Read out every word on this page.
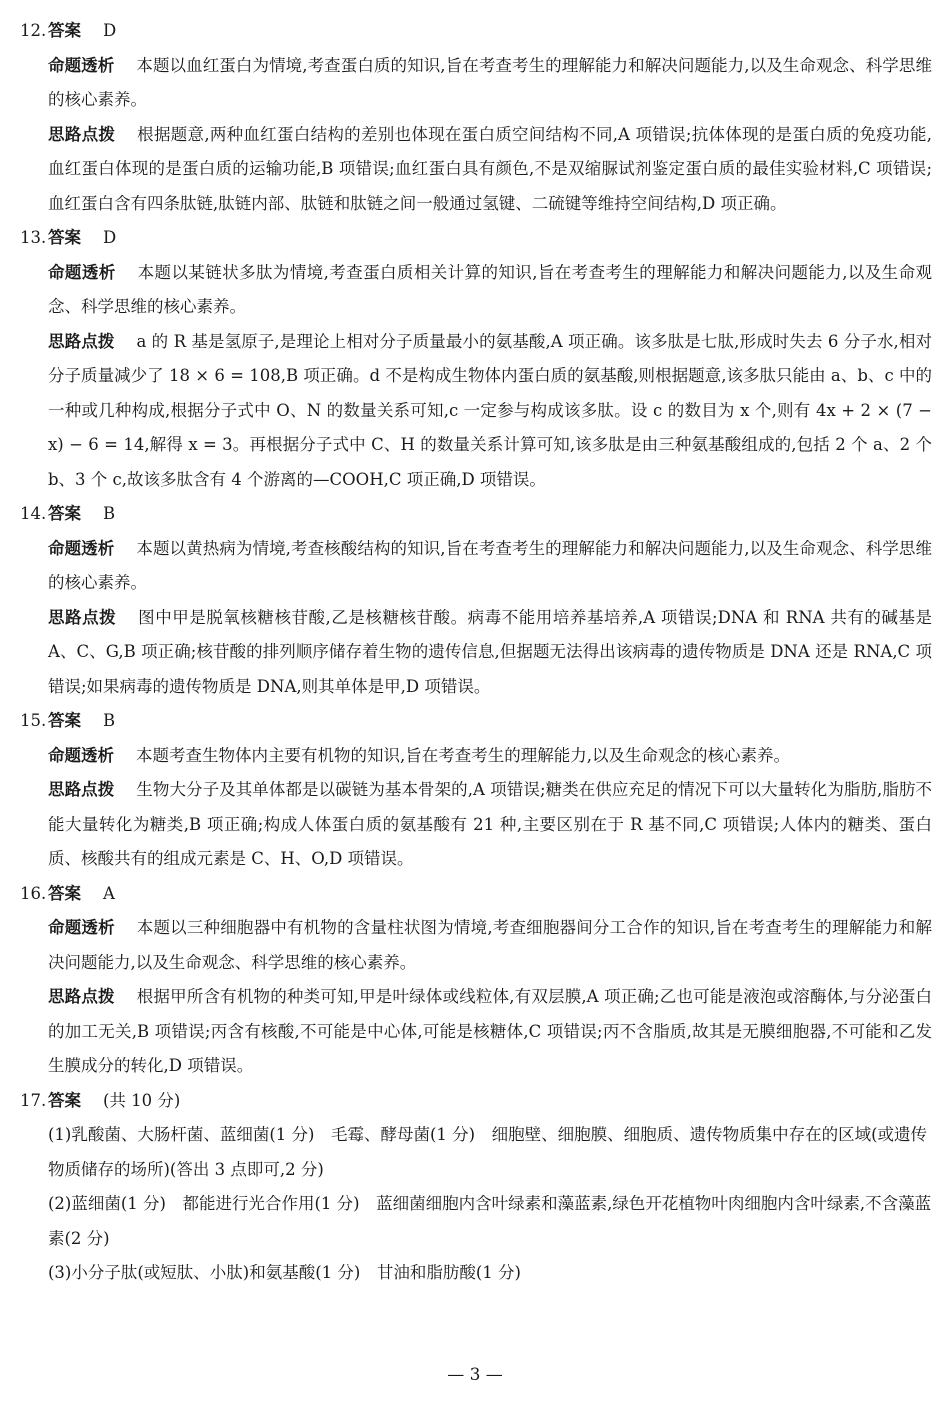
12. 答案 D

命题透析 本题以血红蛋白为情境,考查蛋白质的知识,旨在考查考生的理解能力和解决问题能力,以及生命观念、科学思维的核心素养。

思路点拨 根据题意,两种血红蛋白结构的差别也体现在蛋白质空间结构不同,A 项错误;抗体体现的是蛋白质的免疫功能,血红蛋白体现的是蛋白质的运输功能,B 项错误;血红蛋白具有颜色,不是双缩脲试剂鉴定蛋白质的最佳实验材料,C 项错误;血红蛋白含有四条肽链,肽链内部、肽链和肽链之间一般通过氢键、二硫键等维持空间结构,D 项正确。

13. 答案 D

命题透析 本题以某链状多肽为情境,考查蛋白质相关计算的知识,旨在考查考生的理解能力和解决问题能力,以及生命观念、科学思维的核心素养。

思路点拨 a 的 R 基是氢原子,是理论上相对分子质量最小的氨基酸,A 项正确。该多肽是七肽,形成时失去 6 分子水,相对分子质量减少了 18 × 6 = 108,B 项正确。d 不是构成生物体内蛋白质的氨基酸,则根据题意,该多肽只能由 a、b、c 中的一种或几种构成,根据分子式中 O、N 的数量关系可知,c 一定参与构成该多肽。设 c 的数目为 x 个,则有 4x + 2 × (7 − x) − 6 = 14,解得 x = 3。再根据分子式中 C、H 的数量关系计算可知,该多肽是由三种氨基酸组成的,包括 2 个 a、2 个 b、3 个 c,故该多肽含有 4 个游离的—COOH,C 项正确,D 项错误。

14. 答案 B

命题透析 本题以黄热病为情境,考查核酸结构的知识,旨在考查考生的理解能力和解决问题能力,以及生命观念、科学思维的核心素养。

思路点拨 图中甲是脱氧核糖核苷酸,乙是核糖核苷酸。病毒不能用培养基培养,A 项错误;DNA 和 RNA 共有的碱基是 A、C、G,B 项正确;核苷酸的排列顺序储存着生物的遗传信息,但据题无法得出该病毒的遗传物质是 DNA 还是 RNA,C 项错误;如果病毒的遗传物质是 DNA,则其单体是甲,D 项错误。

15. 答案 B

命题透析 本题考查生物体内主要有机物的知识,旨在考查考生的理解能力,以及生命观念的核心素养。

思路点拨 生物大分子及其单体都是以碳链为基本骨架的,A 项错误;糖类在供应充足的情况下可以大量转化为脂肪,脂肪不能大量转化为糖类,B 项正确;构成人体蛋白质的氨基酸有 21 种,主要区别在于 R 基不同,C 项错误;人体内的糖类、蛋白质、核酸共有的组成元素是 C、H、O,D 项错误。

16. 答案 A

命题透析 本题以三种细胞器中有机物的含量柱状图为情境,考查细胞器间分工合作的知识,旨在考查考生的理解能力和解决问题能力,以及生命观念、科学思维的核心素养。

思路点拨 根据甲所含有机物的种类可知,甲是叶绿体或线粒体,有双层膜,A 项正确;乙也可能是液泡或溶酶体,与分泌蛋白的加工无关,B 项错误;丙含有核酸,不可能是中心体,可能是核糖体,C 项错误;丙不含脂质,故其是无膜细胞器,不可能和乙发生膜成分的转化,D 项错误。

17. 答案 (共 10 分)

(1)乳酸菌、大肠杆菌、蓝细菌(1 分)　毛霉、酵母菌(1 分)　细胞壁、细胞膜、细胞质、遗传物质集中存在的区域(或遗传物质储存的场所)(答出 3 点即可,2 分)

(2)蓝细菌(1 分)　都能进行光合作用(1 分)　蓝细菌细胞内含叶绿素和藻蓝素,绿色开花植物叶肉细胞内含叶绿素,不含藻蓝素(2 分)

(3)小分子肽(或短肽、小肽)和氨基酸(1 分)　甘油和脂肪酸(1 分)

— 3 —
